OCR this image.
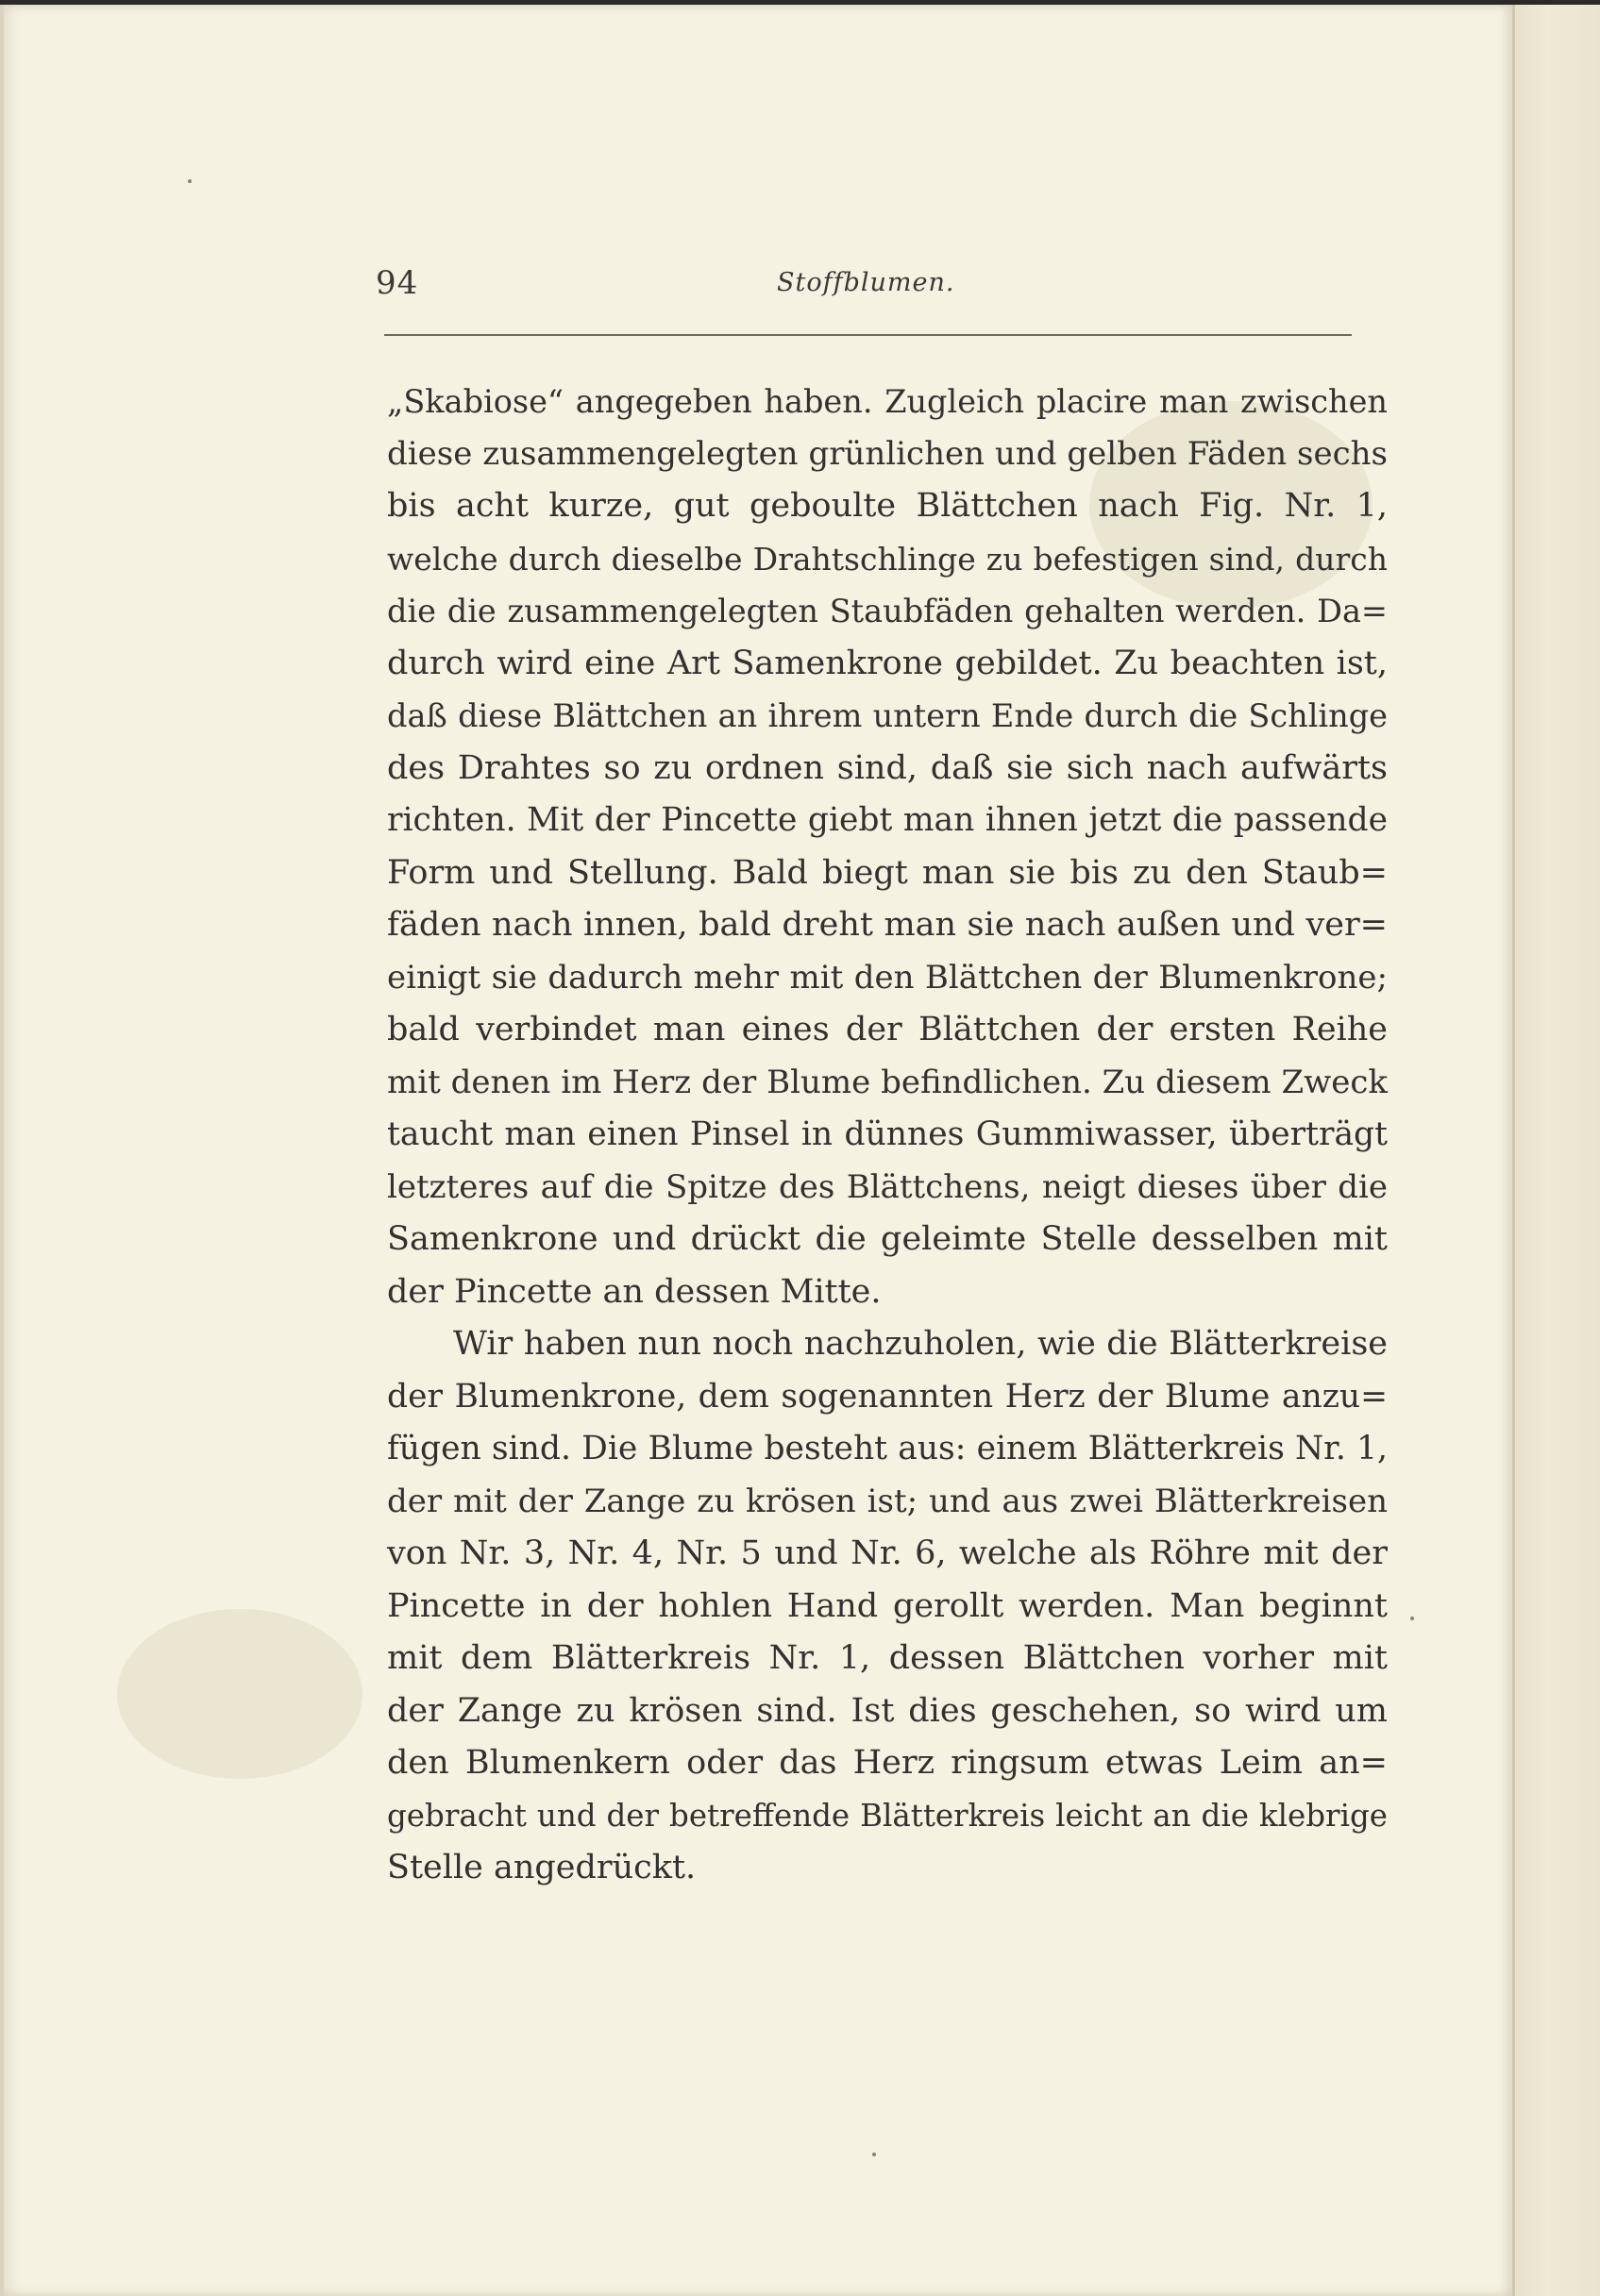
94	Stoffblumen.
„Skabiose“ angegeben haben. Zugleich placire man zwischen
diese zusammengelegten grünlichen und gelben Fäden sechs
bis acht kurze, gut geboulte Blättchen nach Fig. Nr. 1,
welche durch dieselbe Drahtschlinge zu befestigen sind, durch
die die zusammengelegten Staubfäden gehalten werden. Da=
durch wird eine Art Samenkrone gebildet. Zu beachten ist,
daß diese Blättchen an ihrem untern Ende durch die Schlinge
des Drahtes so zu ordnen sind, daß sie sich nach aufwärts
richten. Mit der Pincette giebt man ihnen jetzt die passende
Form und Stellung. Bald biegt man sie bis zu den Staub=
fäden nach innen, bald dreht man sie nach außen und ver=
einigt sie dadurch mehr mit den Blättchen der Blumenkrone;
bald verbindet man eines der Blättchen der ersten Reihe
mit denen im Herz der Blume befindlichen. Zu diesem Zweck
taucht man einen Pinsel in dünnes Gummiwasser, überträgt
letzteres auf die Spitze des Blättchens, neigt dieses über die
Samenkrone und drückt die geleimte Stelle desselben mit
der Pincette an dessen Mitte.
Wir haben nun noch nachzuholen, wie die Blätterkreise
der Blumenkrone, dem sogenannten Herz der Blume anzu=
fügen sind. Die Blume besteht aus: einem Blätterkreis Nr. 1,
der mit der Zange zu krösen ist; und aus zwei Blätterkreisen
von Nr. 3, Nr. 4, Nr. 5 und Nr. 6, welche als Röhre mit der
Pincette in der hohlen Hand gerollt werden. Man beginnt
mit dem Blätterkreis Nr. 1, dessen Blättchen vorher mit
der Zange zu krösen sind. Ist dies geschehen, so wird um
den Blumenkern oder das Herz ringsum etwas Leim an=
gebracht und der betreffende Blätterkreis leicht an die klebrige
Stelle angedrückt.
